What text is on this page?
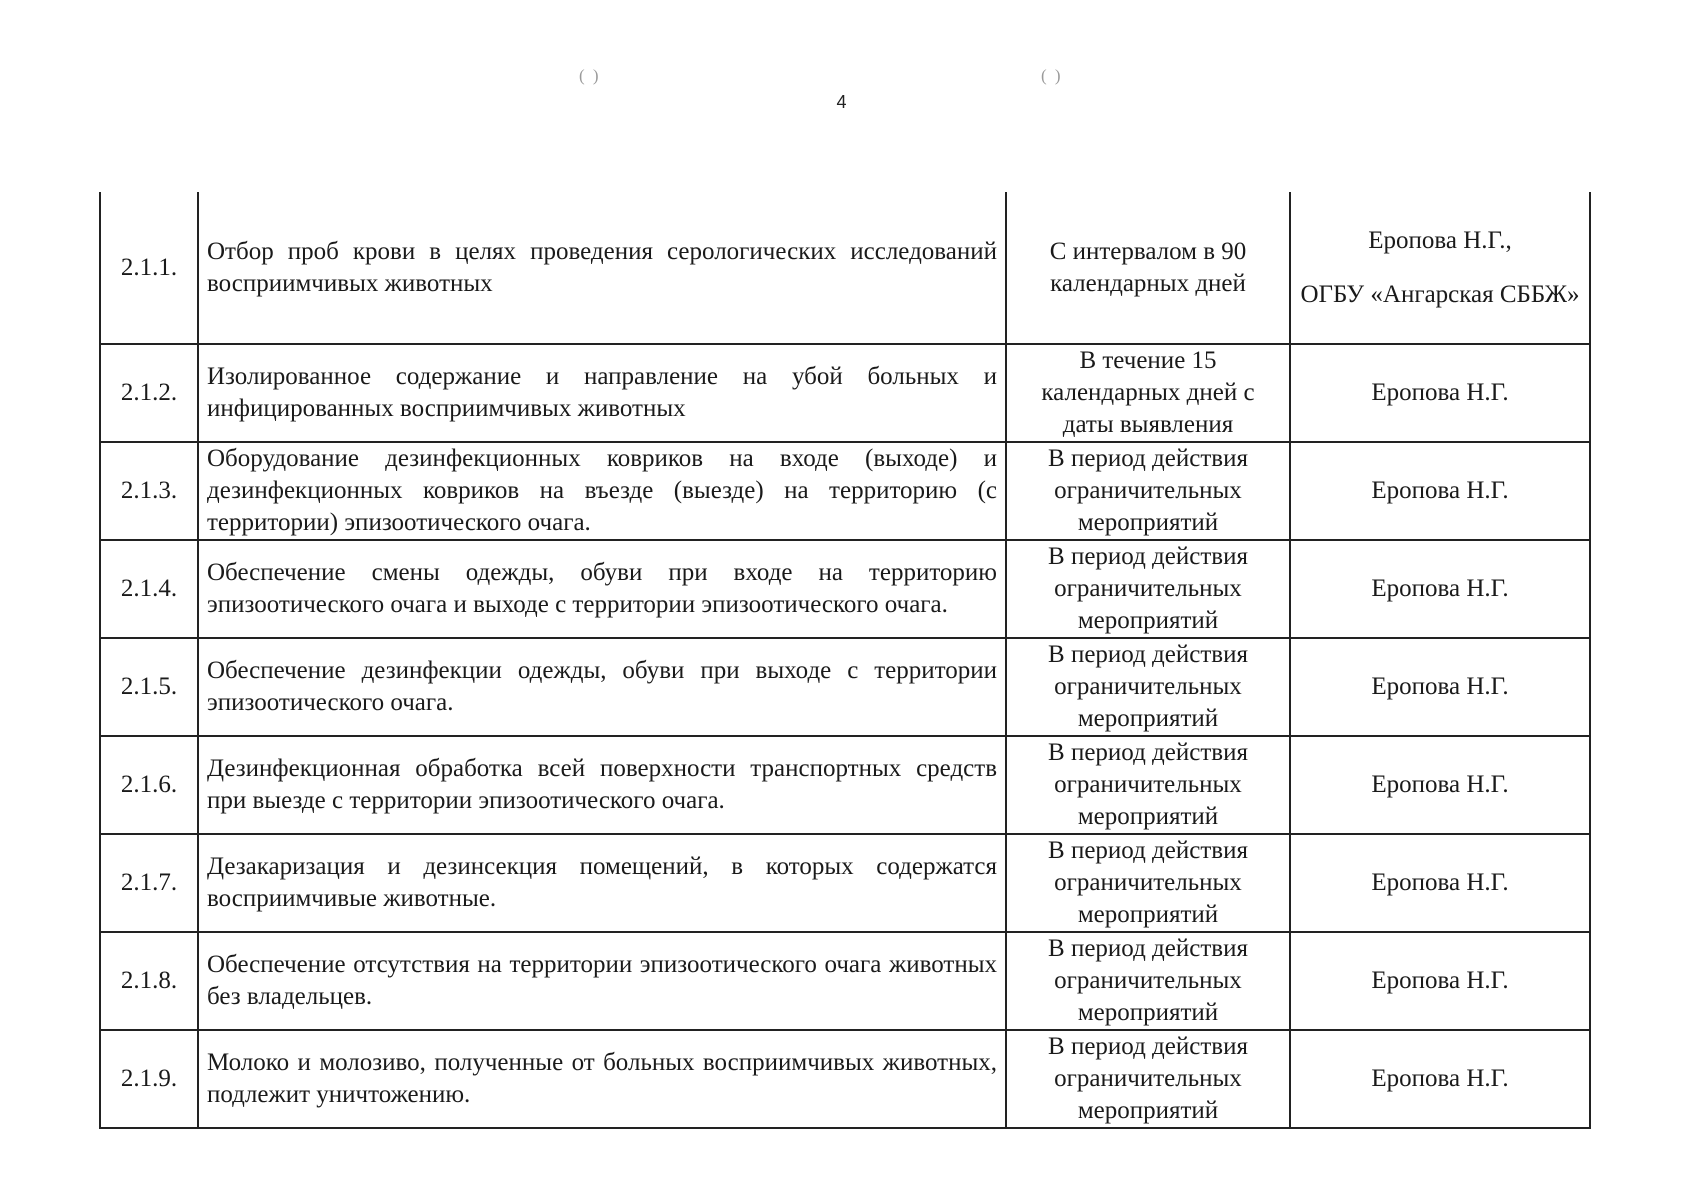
( )	( )
4
2.1.1.	Отбор проб крови в целях проведения серологических исследований восприимчивых животных	С интервалом в 90 календарных дней	Еропова Н.Г.,
ОГБУ «Ангарская СББЖ»

2.1.2.	Изолированное содержание и направление на убой больных и инфицированных восприимчивых животных	В течение 15 календарных дней с даты выявления	Еропова Н.Г.
2.1.3.	Оборудование дезинфекционных ковриков на входе (выходе) и дезинфекционных ковриков на въезде (выезде) на территорию (с территории) эпизоотического очага.	В период действия ограничительных мероприятий	Еропова Н.Г.
2.1.4.	Обеспечение смены одежды, обуви при входе на территорию эпизоотического очага и выходе с территории эпизоотического очага.	В период действия ограничительных мероприятий	Еропова Н.Г.
2.1.5.	Обеспечение дезинфекции одежды, обуви при выходе с территории эпизоотического очага.	В период действия ограничительных мероприятий	Еропова Н.Г.
2.1.6.	Дезинфекционная обработка всей поверхности транспортных средств при выезде с территории эпизоотического очага.	В период действия ограничительных мероприятий	Еропова Н.Г.
2.1.7.	Дезакаризация и дезинсекция помещений, в которых содержатся восприимчивые животные.	В период действия ограничительных мероприятий	Еропова Н.Г.
2.1.8.	Обеспечение отсутствия на территории эпизоотического очага животных без владельцев.	В период действия ограничительных мероприятий	Еропова Н.Г.
2.1.9.	Молоко и молозиво, полученные от больных восприимчивых животных, подлежит уничтожению.	В период действия ограничительных мероприятий	Еропова Н.Г.
